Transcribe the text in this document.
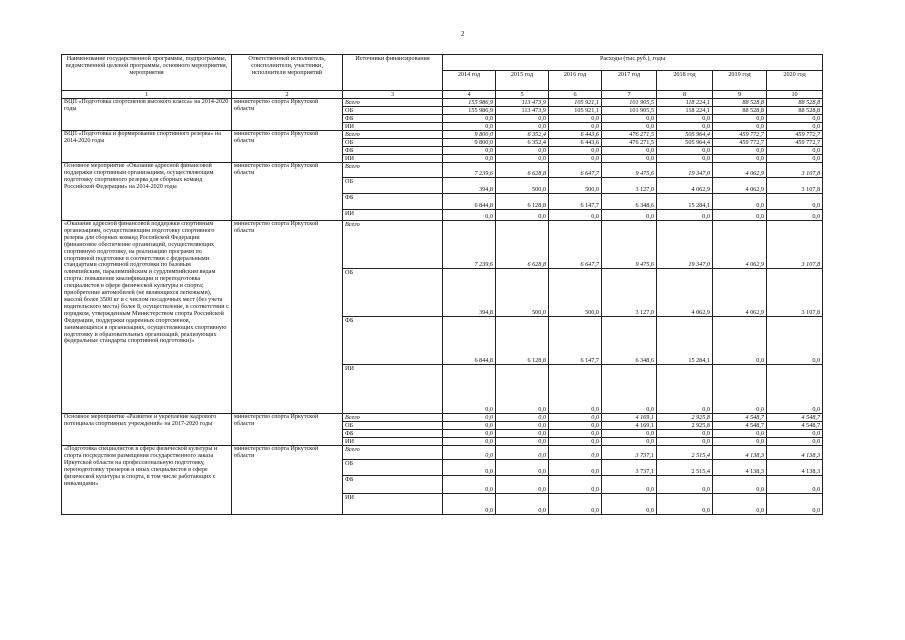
2
Наименование государственной программы, подпрограммы, ведомственной целевой программы, основного мероприятия, мероприятия	Ответственный исполнитель, соисполнители, участники, исполнители мероприятий	Источники финансирования	Расходы (тыс.руб.), годы						
			2014 год	2015 год	2016 год	2017 год	2018 год	2019 год	2020 год
1	2	3	4	5	6	7	8	9	10
ВЦП «Подготовка спортсменов высокого класса» на 2014-2020 годы	министерство спорта Иркутской области	Всего	155 986,9	113 473,9	105 921,1	101 905,5	118 224,1	88 528,8	88 528,8
		ОБ	155 986,9	113 473,9	105 921,1	101 905,5	118 224,1	88 528,8	88 528,8
		ФБ	0,0	0,0	0,0	0,0	0,0	0,0	0,0
		ИИ	0,0	0,0	0,0	0,0	0,0	0,0	0,0
ВЦП «Подготовка и формирование спортивного резерва» на 2014-2020 годы	министерство спорта Иркутской области	Всего	9 800,0	6 352,4	6 443,6	476 271,5	505 964,4	459 772,7	459 772,7
		ОБ	9 800,0	6 352,4	6 443,6	476 271,5	505 964,4	459 772,7	459 772,7
		ФБ	0,0	0,0	0,0	0,0	0,0	0,0	0,0
		ИИ	0,0	0,0	0,0	0,0	0,0	0,0	0,0
Основное мероприятие «Оказание адресной финансовой поддержки спортивным организациям, осуществляющим подготовку спортивного резерва для сборных команд Российской Федерации» на 2014-2020 годы	министерство спорта Иркутской области	Всего	7 239,6	6 628,8	6 647,7	9 475,6	19 347,0	4 062,9	3 107,8
		ОБ	394,8	500,0	500,0	3 127,0	4 062,9	4 062,9	3 107,8
		ФБ	6 844,8	6 128,8	6 147,7	6 348,6	15 284,1	0,0	0,0
		ИИ	0,0	0,0	0,0	0,0	0,0	0,0	0,0
«Оказание адресной финансовой поддержки спортивным организациям, осуществляющим подготовку спортивного резерва для сборных команд Российской Федерации (финансовое обеспечение организаций, осуществляющих спортивную подготовку, на реализацию программ по спортивной подготовке в соответствии с федеральными стандартами спортивной подготовки по базовым олимпийским, паралимпийским и сурдлимпийским видам спорта: повышение квалификации и переподготовка специалистов в сфере физической культуры и спорта; приобретение автомобилей (не являющихся легковыми), массой более 3500 кг и с числом посадочных мест (без учета водительского места) более 8, осуществление, в соответствии с порядком, утвержденным Министерством спорта Российской Федерации, поддержки одаренных спортсменов, занимающихся в организациях, осуществляющих спортивную подготовку и образовательных организаций, реализующих федеральные стандарты спортивной подготовки)»	министерство спорта Иркутской области	Всего	7 239,6	6 628,8	6 647,7	9 475,6	19 347,0	4 062,9	3 107,8
		ОБ	394,8	500,0	500,0	3 127,0	4 062,9	4 062,9	3 107,8
		ФБ	6 844,8	6 128,8	6 147,7	6 348,6	15 284,1	0,0	0,0
		ИИ	0,0	0,0	0,0	0,0	0,0	0,0	0,0
Основное мероприятие «Развитие и укрепление кадрового потенциала спортивных учреждений» на 2017-2020 годы	министерство спорта Иркутской области	Всего	0,0	0,0	0,0	4 169,1	2 925,8	4 548,7	4 548,7
		ОБ	0,0	0,0	0,0	4 169,1	2 925,8	4 548,7	4 548,7
		ФБ	0,0	0,0	0,0	0,0	0,0	0,0	0,0
		ИИ	0,0	0,0	0,0	0,0	0,0	0,0	0,0
«Подготовка специалистов в сфере физической культуры и спорта посредством размещения государственного заказа Иркутской области на профессиональную подготовку, переподготовку тренеров и иных специалистов в сфере физической культуры и спорта, в том числе работающих с инвалидами»	министерство спорта Иркутской области	Всего	0,0	0,0	0,0	3 737,1	2 515,4	4 138,3	4 138,3
		ОБ	0,0	0,0	0,0	3 737,1	2 515,4	4 138,3	4 138,3
		ФБ	0,0	0,0	0,0	0,0	0,0	0,0	0,0
		ИИ	0,0	0,0	0,0	0,0	0,0	0,0	0,0
